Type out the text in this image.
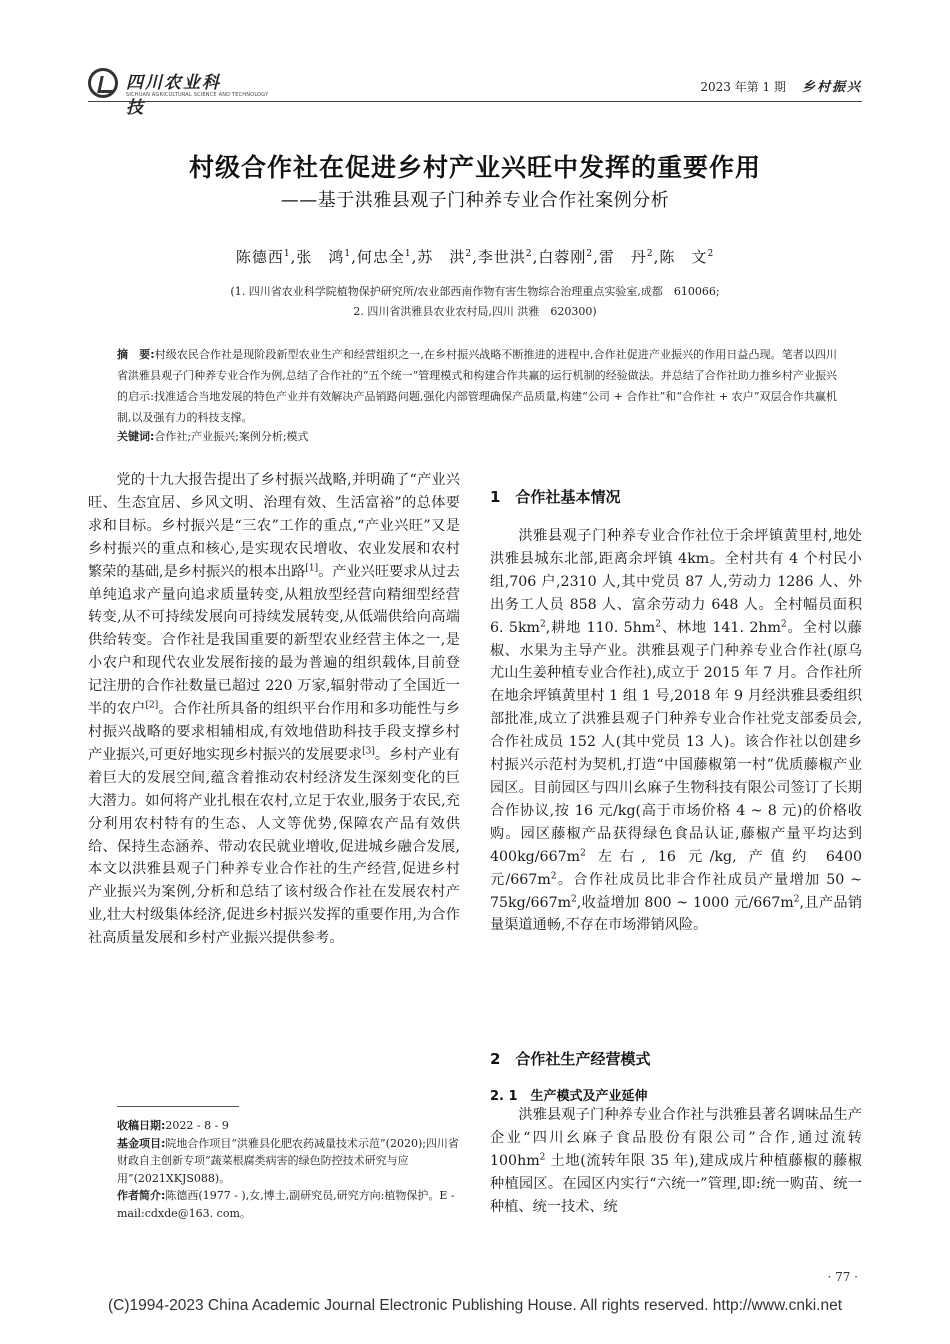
四川农业科技
SICHUAN AGRICULTURAL SCIENCE AND TECHNOLOGY
2023 年第 1 期 乡村振兴
村级合作社在促进乡村产业兴旺中发挥的重要作用
——基于洪雅县观子门种养专业合作社案例分析
陈德西$^1$,张　鸿$^1$,何忠全$^1$,苏　洪$^2$,李世洪$^2$,白蓉刚$^2$,雷　丹$^2$,陈　文$^2$
(1. 四川省农业科学院植物保护研究所/农业部西南作物有害生物综合治理重点实验室,成都　610066;
2. 四川省洪雅县农业农村局,四川 洪雅　620300)
摘　要:村级农民合作社是现阶段新型农业生产和经营组织之一,在乡村振兴战略不断推进的进程中,合作社促进产业振兴的作用日益凸现。笔者以四川省洪雅县观子门种养专业合作为例,总结了合作社的“五个统一”管理模式和构建合作共赢的运行机制的经验做法。并总结了合作社助力推乡村产业振兴的启示:找准适合当地发展的特色产业并有效解决产品销路问题,强化内部管理确保产品质量,构建“公司 + 合作社”和“合作社 + 农户”双层合作共赢机制,以及强有力的科技支撑。
关键词:合作社;产业振兴;案例分析;模式

党的十九大报告提出了乡村振兴战略,并明确了“产业兴旺、生态宜居、乡风文明、治理有效、生活富裕”的总体要求和目标。乡村振兴是“三农”工作的重点,“产业兴旺”又是乡村振兴的重点和核心,是实现农民增收、农业发展和农村繁荣的基础,是乡村振兴的根本出路[1]。产业兴旺要求从过去单纯追求产量向追求质量转变,从粗放型经营向精细型经营转变,从不可持续发展向可持续发展转变,从低端供给向高端供给转变。合作社是我国重要的新型农业经营主体之一,是小农户和现代农业发展衔接的最为普遍的组织载体,目前登记注册的合作社数量已超过 220 万家,辐射带动了全国近一半的农户[2]。合作社所具备的组织平台作用和多功能性与乡村振兴战略的要求相辅相成,有效地借助科技手段支撑乡村产业振兴,可更好地实现乡村振兴的发展要求[3]。乡村产业有着巨大的发展空间,蕴含着推动农村经济发生深刻变化的巨大潜力。如何将产业扎根在农村,立足于农业,服务于农民,充分利用农村特有的生态、人文等优势,保障农产品有效供给、保持生态涵养、带动农民就业增收,促进城乡融合发展,本文以洪雅县观子门种养专业合作社的生产经营,促进乡村产业振兴为案例,分析和总结了该村级合作社在发展农村产业,壮大村级集体经济,促进乡村振兴发挥的重要作用,为合作社高质量发展和乡村产业振兴提供参考。

收稿日期:2022 - 8 - 9
基金项目:院地合作项目“洪雅县化肥农药减量技术示范”(2020);四川省财政自主创新专项“蔬菜根腐类病害的绿色防控技术研究与应用”(2021XKJS088)。
作者简介:陈德西(1977 - ),女,博士,副研究员,研究方向:植物保护。E - mail:cdxde@163. com。
1　合作社基本情况

洪雅县观子门种养专业合作社位于余坪镇黄里村,地处洪雅县城东北部,距离余坪镇 4km。全村共有 4 个村民小组,706 户,2310 人,其中党员 87 人,劳动力 1286 人、外出务工人员 858 人、富余劳动力 648 人。全村幅员面积 6. $5km^2$,耕地 110. $5hm^2$、林地 141. $2hm^2$。全村以藤椒、水果为主导产业。洪雅县观子门种养专业合作社(原乌尤山生姜种植专业合作社),成立于 2015 年 7 月。合作社所在地余坪镇黄里村 1 组 1 号,2018 年 9 月经洪雅县委组织部批准,成立了洪雅县观子门种养专业合作社党支部委员会,合作社成员 152 人(其中党员 13 人)。该合作社以创建乡村振兴示范村为契机,打造“中国藤椒第一村”优质藤椒产业园区。目前园区与四川幺麻子生物科技有限公司签订了长期合作协议,按 16 元/kg(高于市场价格 4 ~ 8 元)的价格收购。园区藤椒产品获得绿色食品认证,藤椒产量平均达到 $400kg/667m^2$ 左右, 16 元/kg, 产值约 6400 元$/667m^2$。合作社成员比非合作社成员产量增加 50 ~ $75kg/667m^2$,收益增加 800 ~ 1000 元$/667m^2$,且产品销量渠道通畅,不存在市场滞销风险。

2　合作社生产经营模式
2. 1　生产模式及产业延伸

洪雅县观子门种养专业合作社与洪雅县著名调味品生产企业“四川幺麻子食品股份有限公司”合作,通过流转 $100hm^2$ 土地(流转年限 35 年),建成成片种植藤椒的藤椒种植园区。在园区内实行“六统一”管理,即:统一购苗、统一种植、统一技术、统

· 77 ·
(C)1994-2023 China Academic Journal Electronic Publishing House. All rights reserved. http://www.cnki.net
